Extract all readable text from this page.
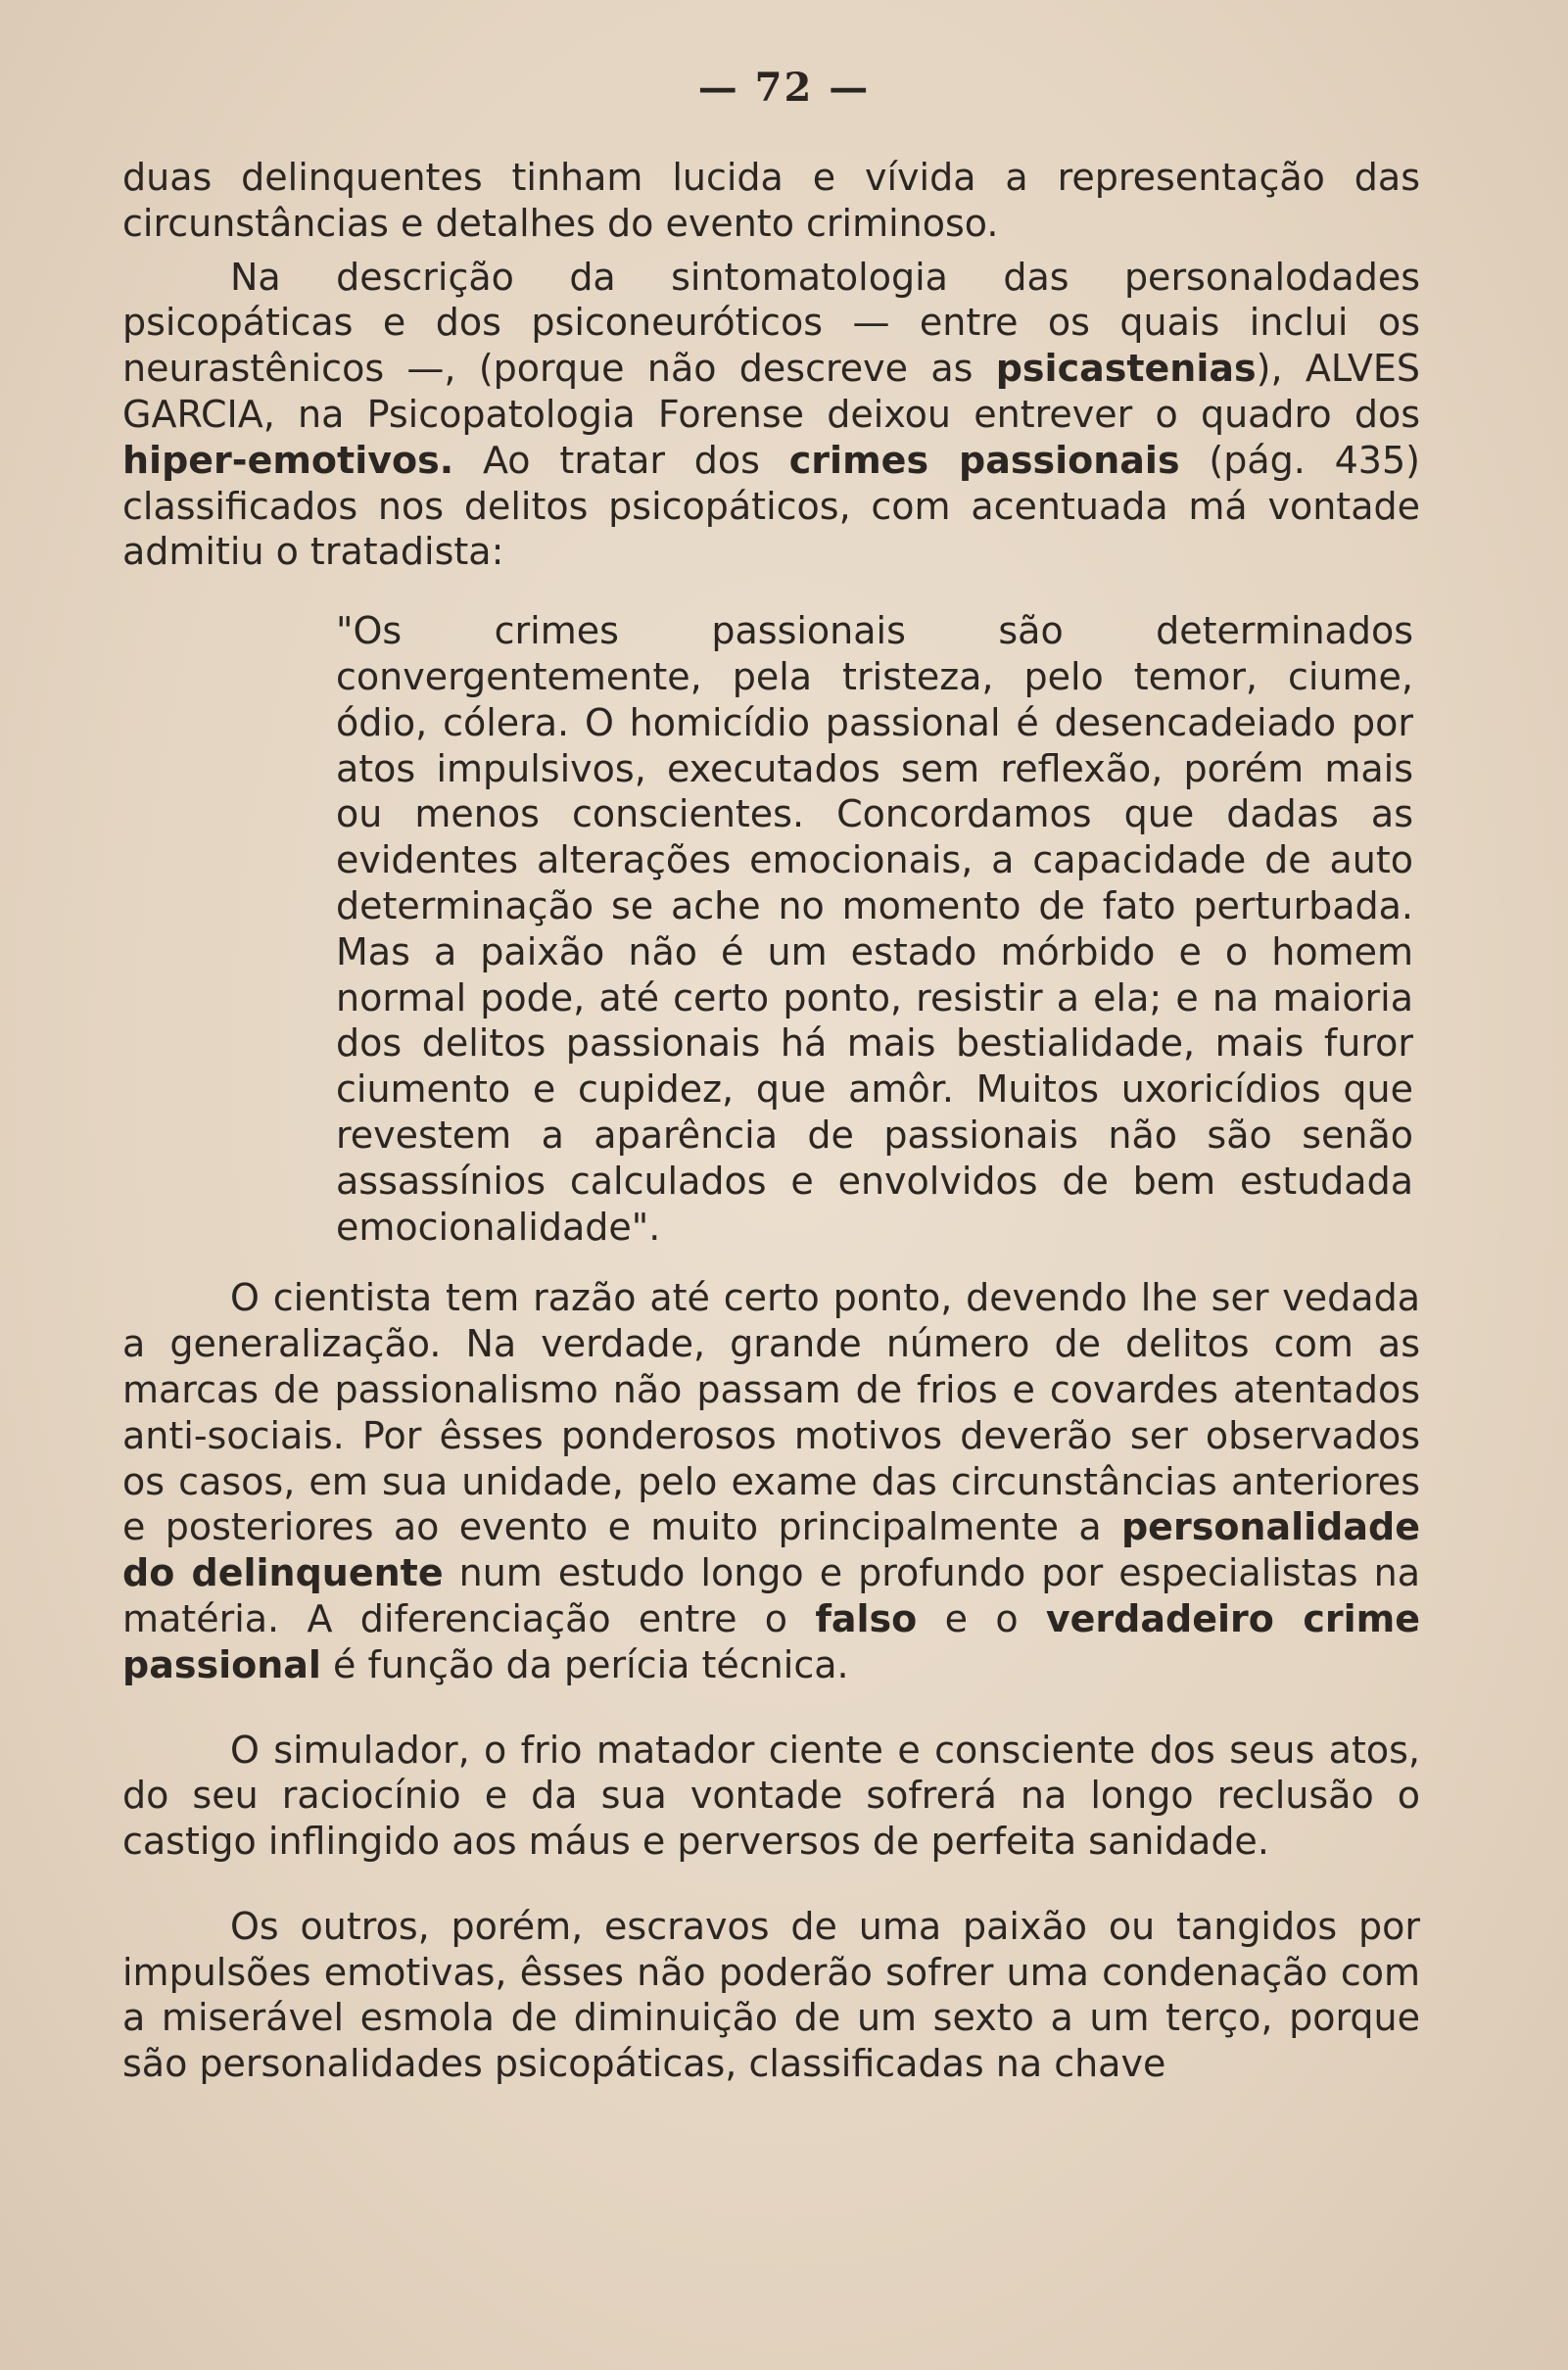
— 72 —

duas delinquentes tinham lucida e vívida a representação das circunstâncias e detalhes do evento criminoso.

Na descrição da sintomatologia das personalodades psicopáticas e dos psiconeuróticos — entre os quais inclui os neurastênicos —, (porque não descreve as psicastenias), ALVES GARCIA, na Psicopatologia Forense deixou entrever o quadro dos hiper-emotivos. Ao tratar dos crimes passionais (pág. 435) classificados nos delitos psicopáticos, com acentuada má vontade admitiu o tratadista:

"Os crimes passionais são determinados convergentemente, pela tristeza, pelo temor, ciume, ódio, cólera. O homicídio passional é desencadeiado por atos impulsivos, executados sem reflexão, porém mais ou menos conscientes. Concordamos que dadas as evidentes alterações emocionais, a capacidade de auto determinação se ache no momento de fato perturbada. Mas a paixão não é um estado mórbido e o homem normal pode, até certo ponto, resistir a ela; e na maioria dos delitos passionais há mais bestialidade, mais furor ciumento e cupidez, que amôr. Muitos uxoricídios que revestem a aparência de passionais não são senão assassínios calculados e envolvidos de bem estudada emocionalidade".

O cientista tem razão até certo ponto, devendo lhe ser vedada a generalização. Na verdade, grande número de delitos com as marcas de passionalismo não passam de frios e covardes atentados anti-sociais. Por êsses ponderosos motivos deverão ser observados os casos, em sua unidade, pelo exame das circunstâncias anteriores e posteriores ao evento e muito principalmente a personalidade do delinquente num estudo longo e profundo por especialistas na matéria. A diferenciação entre o falso e o verdadeiro crime passional é função da perícia técnica.

O simulador, o frio matador ciente e consciente dos seus atos, do seu raciocínio e da sua vontade sofrerá na longo reclusão o castigo inflingido aos máus e perversos de perfeita sanidade.

Os outros, porém, escravos de uma paixão ou tangidos por impulsões emotivas, êsses não poderão sofrer uma condenação com a miserável esmola de diminuição de um sexto a um terço, porque são personalidades psicopáticas, classificadas na chave
